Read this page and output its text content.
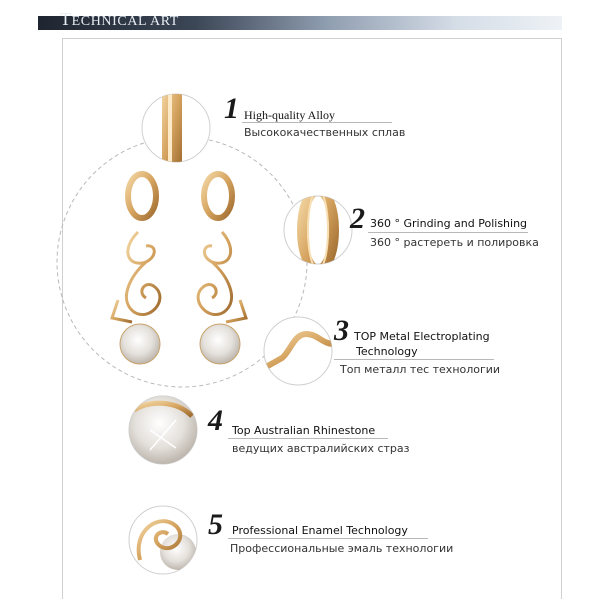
TECHNICAL ART
1 High-quality Alloy
Высококачественных сплав
2 360 ° Grinding and Polishing
360 ° растереть и полировка
3 TOP Metal Electroplating
Technology
Топ металл тес технологии
4 Top Australian Rhinestone
ведущих австралийских страз
5 Professional Enamel Technology
Профессиональные эмаль технологии
